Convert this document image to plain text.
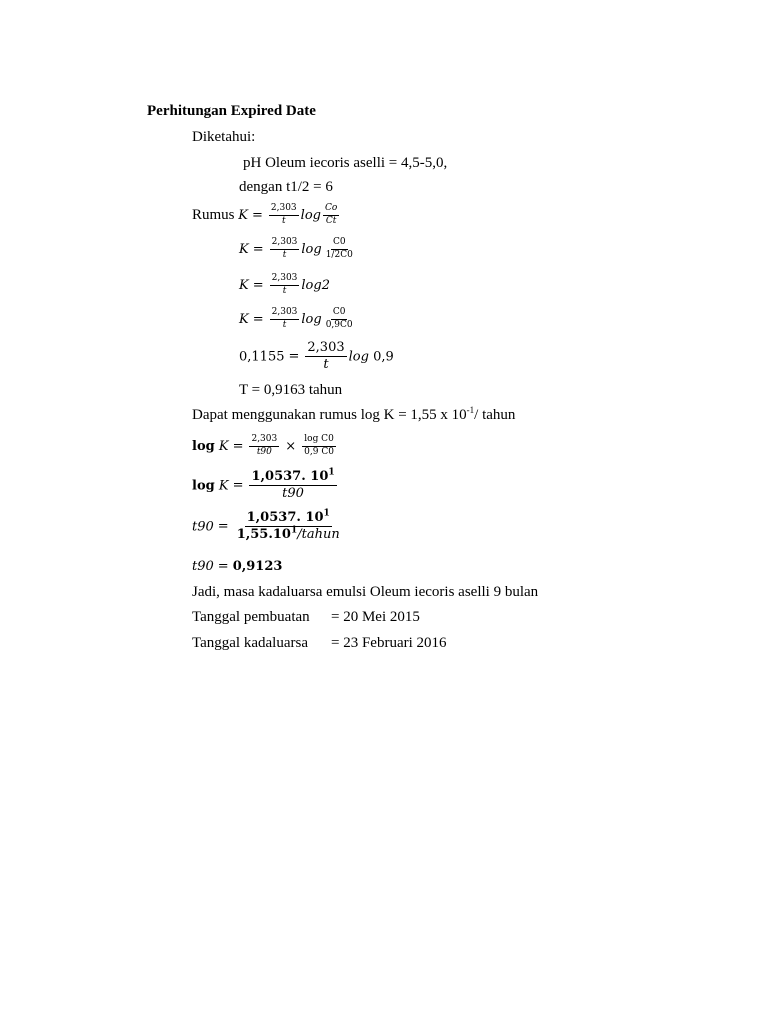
Perhitungan Expired Date
Diketahui:
pH Oleum iecoris aselli = 4,5-5,0,
dengan t1/2 = 6
Rumus $K = \frac{2,303}{t}$ $\log \frac{Co}{Ct}$
$K = \frac{2,303}{t}$ $\log \frac{C0}{1/2C0}$
$K = \frac{2,303}{t} \log 2$
$K = \frac{2,303}{t}$ $\log \frac{C0}{0,9C0}$
$0,1155 = \frac{2,303}{t}$ log 0,9
T = 0,9163 tahun
Dapat menggunakan rumus log K = 1,55 x $10^{-1}/$ tahun
$\log K = \frac{2,303}{t90} \times \frac{\text{log C0}}{0,9 C0}$
$\log K = \frac{1,0537. 10^1}{t90}$
$t90 = \frac{1,0537. 10^1}{1,55.10^1/tahun}$
t90 = 0,9123
Jadi, masa kadaluarsa emulsi Oleum iecoris aselli 9 bulan
Tanggal pembuatan = 20 Mei 2015
Tanggal kadaluarsa = 23 Februari 2016
